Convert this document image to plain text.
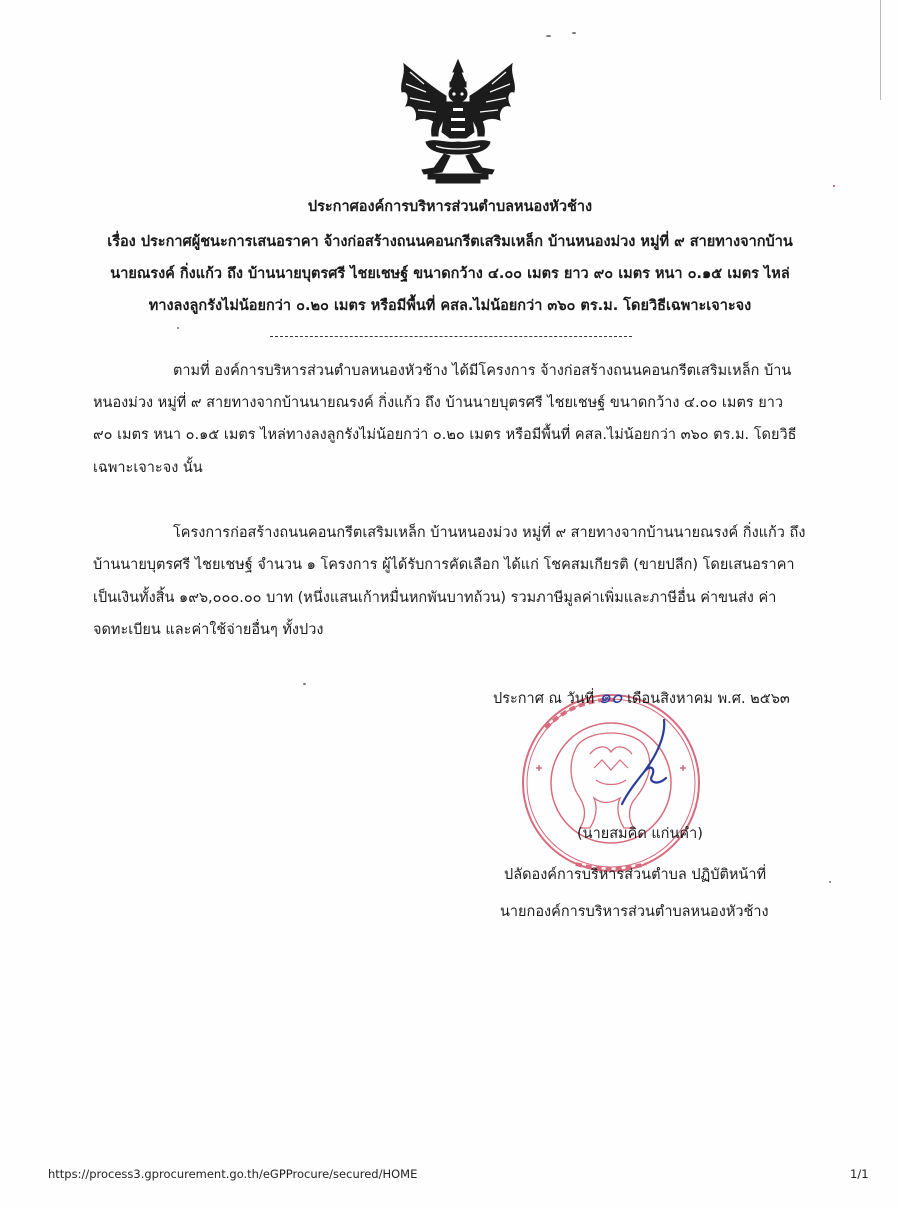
ประกาศองค์การบริหารส่วนตำบลหนองหัวช้าง
เรื่อง ประกาศผู้ชนะการเสนอราคา จ้างก่อสร้างถนนคอนกรีตเสริมเหล็ก บ้านหนองม่วง หมู่ที่ ๙ สายทางจากบ้าน
นายณรงค์ กิ่งแก้ว ถึง บ้านนายบุตรศรี ไชยเชษฐ์ ขนาดกว้าง ๔.๐๐ เมตร ยาว ๙๐ เมตร หนา ๐.๑๕ เมตร ไหล่
ทางลงลูกรังไม่น้อยกว่า ๐.๒๐ เมตร หรือมีพื้นที่ คสล.ไม่น้อยกว่า ๓๖๐ ตร.ม. โดยวิธีเฉพาะเจาะจง
ตามที่ องค์การบริหารส่วนตำบลหนองหัวช้าง ได้มีโครงการ จ้างก่อสร้างถนนคอนกรีตเสริมเหล็ก บ้าน
หนองม่วง หมู่ที่ ๙ สายทางจากบ้านนายณรงค์ กิ่งแก้ว ถึง บ้านนายบุตรศรี ไชยเชษฐ์ ขนาดกว้าง ๔.๐๐ เมตร ยาว
๙๐ เมตร หนา ๐.๑๕ เมตร ไหล่ทางลงลูกรังไม่น้อยกว่า ๐.๒๐ เมตร หรือมีพื้นที่ คสล.ไม่น้อยกว่า ๓๖๐ ตร.ม. โดยวิธี
เฉพาะเจาะจง นั้น
โครงการก่อสร้างถนนคอนกรีตเสริมเหล็ก บ้านหนองม่วง หมู่ที่ ๙ สายทางจากบ้านนายณรงค์ กิ่งแก้ว ถึง
บ้านนายบุตรศรี ไชยเชษฐ์ จำนวน ๑ โครงการ ผู้ได้รับการคัดเลือก ได้แก่ โชคสมเกียรติ (ขายปลีก) โดยเสนอราคา
เป็นเงินทั้งสิ้น ๑๙๖,๐๐๐.๐๐ บาท (หนึ่งแสนเก้าหมื่นหกพันบาทถ้วน) รวมภาษีมูลค่าเพิ่มและภาษีอื่น ค่าขนส่ง ค่า
จดทะเบียน และค่าใช้จ่ายอื่นๆ ทั้งปวง
ประกาศ ณ วันที่ ๑๐ เดือนสิงหาคม พ.ศ. ๒๕๖๓
(นายสมคิด แก่นคำ)
ปลัดองค์การบริหารส่วนตำบล ปฏิบัติหน้าที่
นายกองค์การบริหารส่วนตำบลหนองหัวช้าง
https://process3.gprocurement.go.th/eGPProcure/secured/HOME	1/1
